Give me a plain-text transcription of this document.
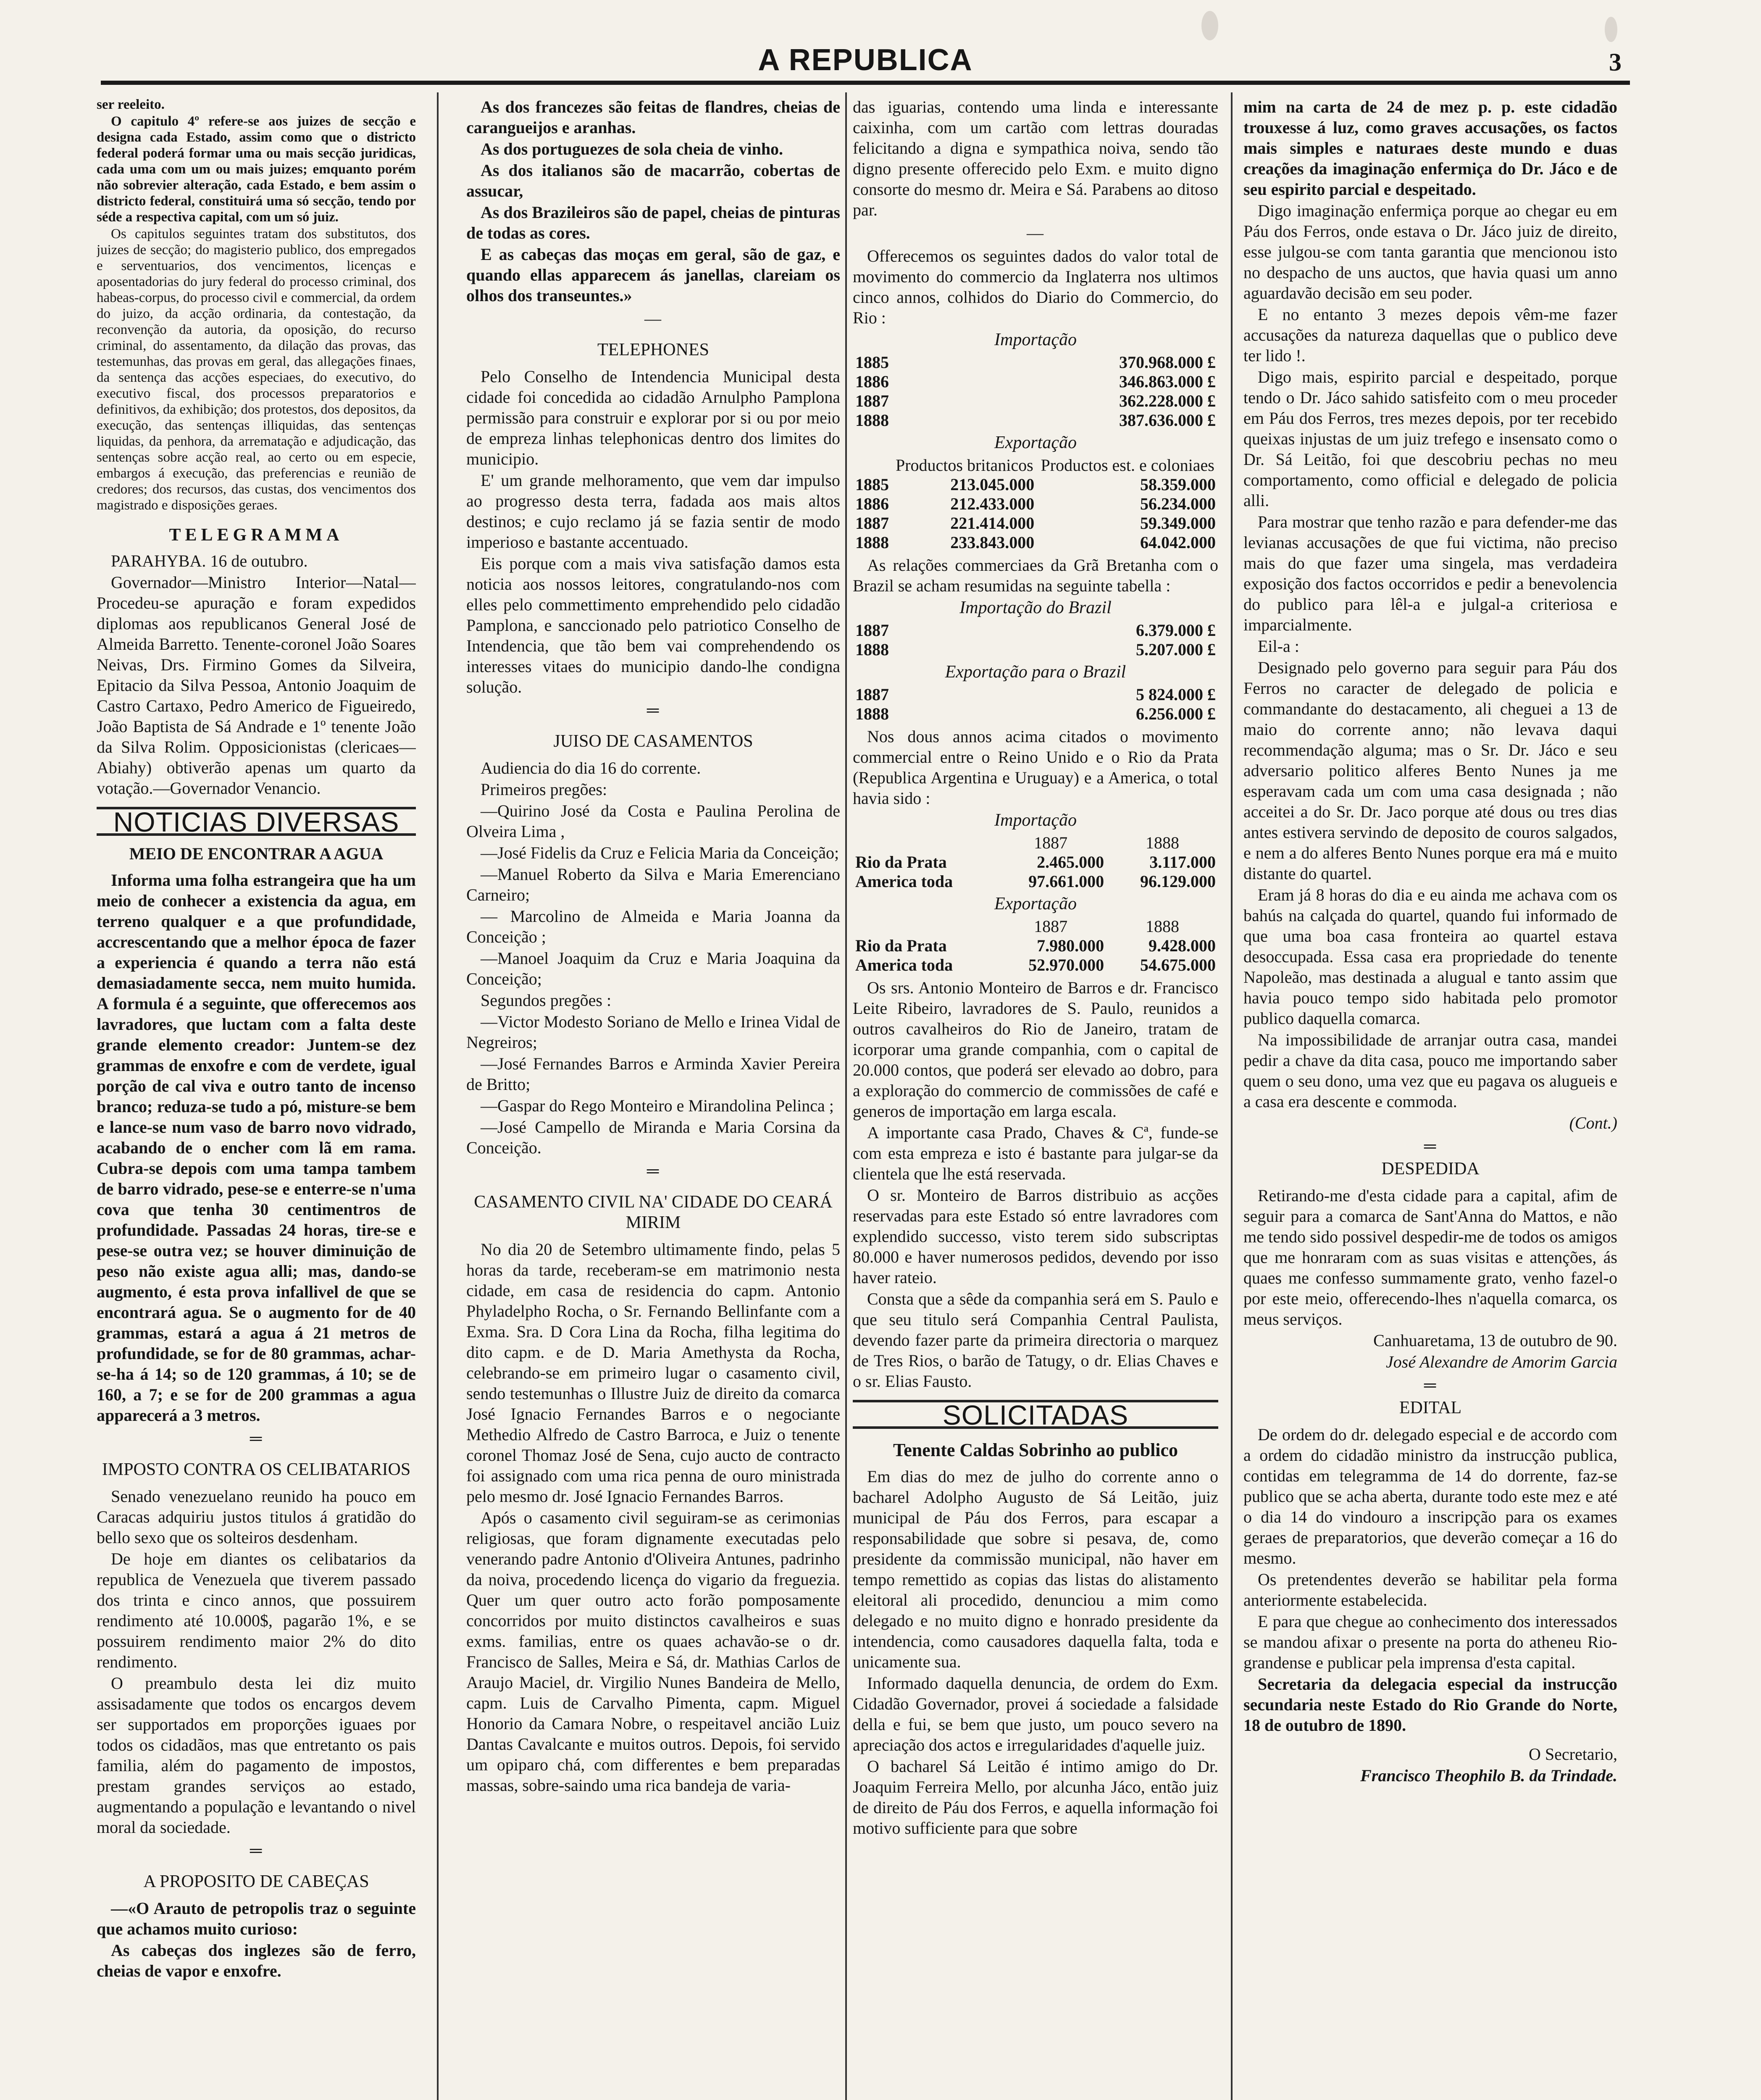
A REPUBLICA	3

ser reeleito.

O capitulo 4º refere-se aos juizes de secção e designa cada Estado, assim como que o districto federal poderá formar uma ou mais secção juridicas, cada uma com um ou mais juizes; emquanto porém não sobrevier alteração, cada Estado, e bem assim o districto federal, constituirá uma só secção, tendo por séde a respectiva capital, com um só juiz.

Os capitulos seguintes tratam dos substitutos, dos juizes de secção; do magisterio publico, dos empregados e serventuarios, dos vencimentos, licenças e aposentadorias do jury federal do processo criminal, dos habeas-corpus, do processo civil e commercial, da ordem do juizo, da acção ordinaria, da contestação, da reconvenção da autoria, da oposição, do recurso criminal, do assentamento, da dilação das provas, das testemunhas, das provas em geral, das allegações finaes, da sentença das acções especiaes, do executivo, do executivo fiscal, dos processos preparatorios e definitivos, da exhibição; dos protestos, dos depositos, da execução, das sentenças illiquidas, das sentenças liquidas, da penhora, da arrematação e adjudicação, das sentenças sobre acção real, ao certo ou em especie, embargos á execução, das preferencias e reunião de credores; dos recursos, das custas, dos vencimentos dos magistrado e disposições geraes.

TELEGRAMMA

PARAHYBA. 16 de outubro.

Governador—Ministro Interior—Natal—Procedeu-se apuração e foram expedidos diplomas aos republicanos General José de Almeida Barretto. Tenente-coronel João Soares Neivas, Drs. Firmino Gomes da Silveira, Epitacio da Silva Pessoa, Antonio Joaquim de Castro Cartaxo, Pedro Americo de Figueiredo, João Baptista de Sá Andrade e 1º tenente João da Silva Rolim. Opposicionistas (clericaes— Abiahy) obtiverão apenas um quarto da votação.—Governador Venancio.

NOTICIAS DIVERSAS
MEIO DE ENCONTRAR A AGUA

Informa uma folha estrangeira que ha um meio de conhecer a existencia da agua, em terreno qualquer e a que profundidade, accrescentando que a melhor época de fazer a experiencia é quando a terra não está demasiadamente secca, nem muito humida. A formula é a seguinte, que offerecemos aos lavradores, que luctam com a falta deste grande elemento creador: Juntem-se dez grammas de enxofre e com de verdete, igual porção de cal viva e outro tanto de incenso branco; reduza-se tudo a pó, misture-se bem e lance-se num vaso de barro novo vidrado, acabando de o encher com lã em rama. Cubra-se depois com uma tampa tambem de barro vidrado, pese-se e enterre-se n'uma cova que tenha 30 centimentros de profundidade. Passadas 24 horas, tire-se e pese-se outra vez; se houver diminuição de peso não existe agua alli; mas, dando-se augmento, é esta prova infallivel de que se encontrará agua. Se o augmento for de 40 grammas, estará a agua á 21 metros de profundidade, se for de 80 grammas, achar-se-ha á 14; so de 120 grammas, á 10; se de 160, a 7; e se for de 200 grammas a agua apparecerá a 3 metros.

═
IMPOSTO CONTRA OS CELIBATARIOS

Senado venezuelano reunido ha pouco em Caracas adquiriu justos titulos á gratidão do bello sexo que os solteiros desdenham.

De hoje em diantes os celibatarios da republica de Venezuela que tiverem passado dos trinta e cinco annos, que possuirem rendimento até 10.000$, pagarão 1%, e se possuirem rendimento maior 2% do dito rendimento.

O preambulo desta lei diz muito assisadamente que todos os encargos devem ser supportados em proporções iguaes por todos os cidadãos, mas que entretanto os pais familia, além do pagamento de impostos, prestam grandes serviços ao estado, augmentando a população e levantando o nivel moral da sociedade.

═
A PROPOSITO DE CABEÇAS

—«O Arauto de petropolis traz o seguinte que achamos muito curioso:

As cabeças dos inglezes são de ferro, cheias de vapor e enxofre.

As dos francezes são feitas de flandres, cheias de carangueijos e aranhas.

As dos portuguezes de sola cheia de vinho.

As dos italianos são de macarrão, cobertas de assucar,

As dos Brazileiros são de papel, cheias de pinturas de todas as cores.

E as cabeças das moças em geral, são de gaz, e quando ellas apparecem ás janellas, clareiam os olhos dos transeuntes.»

—
TELEPHONES

Pelo Conselho de Intendencia Municipal desta cidade foi concedida ao cidadão Arnulpho Pamplona permissão para construir e explorar por si ou por meio de empreza linhas telephonicas dentro dos limites do municipio.

E' um grande melhoramento, que vem dar impulso ao progresso desta terra, fadada aos mais altos destinos; e cujo reclamo já se fazia sentir de modo imperioso e bastante accentuado.

Eis porque com a mais viva satisfação damos esta noticia aos nossos leitores, congratulando-nos com elles pelo commettimento emprehendido pelo cidadão Pamplona, e sanccionado pelo patriotico Conselho de Intendencia, que tão bem vai comprehendendo os interesses vitaes do municipio dando-lhe condigna solução.

═
JUISO DE CASAMENTOS

Audiencia do dia 16 do corrente.

Primeiros pregões:

—Quirino José da Costa e Paulina Perolina de Olveira Lima ,

—José Fidelis da Cruz e Felicia Maria da Conceição;

—Manuel Roberto da Silva e Maria Emerenciano Carneiro;

— Marcolino de Almeida e Maria Joanna da Conceição ;

—Manoel Joaquim da Cruz e Maria Joaquina da Conceição;

Segundos pregões :

—Victor Modesto Soriano de Mello e Irinea Vidal de Negreiros;

—José Fernandes Barros e Arminda Xavier Pereira de Britto;

—Gaspar do Rego Monteiro e Mirandolina Pelinca ;

—José Campello de Miranda e Maria Corsina da Conceição.

═
CASAMENTO CIVIL NA' CIDADE DO CEARÁ MIRIM

No dia 20 de Setembro ultimamente findo, pelas 5 horas da tarde, receberam-se em matrimonio nesta cidade, em casa de residencia do capm. Antonio Phyladelpho Rocha, o Sr. Fernando Bellinfante com a Exma. Sra. D Cora Lina da Rocha, filha legitima do dito capm. e de D. Maria Amethysta da Rocha, celebrando-se em primeiro lugar o casamento civil, sendo testemunhas o Illustre Juiz de direito da comarca José Ignacio Fernandes Barros e o negociante Methedio Alfredo de Castro Barroca, e Juiz o tenente coronel Thomaz José de Sena, cujo aucto de contracto foi assignado com uma rica penna de ouro ministrada pelo mesmo dr. José Ignacio Fernandes Barros.

Após o casamento civil seguiram-se as cerimonias religiosas, que foram dignamente executadas pelo venerando padre Antonio d'Oliveira Antunes, padrinho da noiva, procedendo licença do vigario da freguezia. Quer um quer outro acto forão pomposamente concorridos por muito distinctos cavalheiros e suas exms. familias, entre os quaes achavão-se o dr. Francisco de Salles, Meira e Sá, dr. Mathias Carlos de Araujo Maciel, dr. Virgilio Nunes Bandeira de Mello, capm. Luis de Carvalho Pimenta, capm. Miguel Honorio da Camara Nobre, o respeitavel ancião Luiz Dantas Cavalcante e muitos outros. Depois, foi servido um opiparo chá, com differentes e bem preparadas massas, sobre-saindo uma rica bandeja de varia-

das iguarias, contendo uma linda e interessante caixinha, com um cartão com lettras douradas felicitando a digna e sympathica noiva, sendo tão digno presente offerecido pelo Exm. e muito digno consorte do mesmo dr. Meira e Sá. Parabens ao ditoso par.

—

Offerecemos os seguintes dados do valor total de movimento do commercio da Inglaterra nos ultimos cinco annos, colhidos do Diario do Commercio, do Rio :

Importação
1885	370.968.000 £
1886	346.863.000 £
1887	362.228.000 £
1888	387.636.000 £
Exportação
	Productos britanicos	Productos est. e coloniaes
1885	213.045.000	58.359.000
1886	212.433.000	56.234.000
1887	221.414.000	59.349.000
1888	233.843.000	64.042.000

As relações commerciaes da Grã Bretanha com o Brazil se acham resumidas na seguinte tabella :

Importação do Brazil
1887	6.379.000 £
1888	5.207.000 £
Exportação para o Brazil
1887	5 824.000 £
1888	6.256.000 £

Nos dous annos acima citados o movimento commercial entre o Reino Unido e o Rio da Prata (Republica Argentina e Uruguay) e a America, o total havia sido :

Importação
	1887	1888
Rio da Prata	2.465.000	3.117.000
America toda	97.661.000	96.129.000
Exportação
	1887	1888
Rio da Prata	7.980.000	9.428.000
America toda	52.970.000	54.675.000

Os srs. Antonio Monteiro de Barros e dr. Francisco Leite Ribeiro, lavradores de S. Paulo, reunidos a outros cavalheiros do Rio de Janeiro, tratam de icorporar uma grande companhia, com o capital de 20.000 contos, que poderá ser elevado ao dobro, para a exploração do commercio de commissões de café e generos de importação em larga escala.

A importante casa Prado, Chaves & Cª, funde-se com esta empreza e isto é bastante para julgar-se da clientela que lhe está reservada.

O sr. Monteiro de Barros distribuio as acções reservadas para este Estado só entre lavradores com explendido successo, visto terem sido subscriptas 80.000 e haver numerosos pedidos, devendo por isso haver rateio.

Consta que a sêde da companhia será em S. Paulo e que seu titulo será Companhia Central Paulista, devendo fazer parte da primeira directoria o marquez de Tres Rios, o barão de Tatugy, o dr. Elias Chaves e o sr. Elias Fausto.

SOLICITADAS
Tenente Caldas Sobrinho ao publico

Em dias do mez de julho do corrente anno o bacharel Adolpho Augusto de Sá Leitão, juiz municipal de Páu dos Ferros, para escapar a responsabilidade que sobre si pesava, de, como presidente da commissão municipal, não haver em tempo remettido as copias das listas do alistamento eleitoral ali procedido, denunciou a mim como delegado e no muito digno e honrado presidente da intendencia, como causadores daquella falta, toda e unicamente sua.

Informado daquella denuncia, de ordem do Exm. Cidadão Governador, provei á sociedade a falsidade della e fui, se bem que justo, um pouco severo na apreciação dos actos e irregularidades d'aquelle juiz.

O bacharel Sá Leitão é intimo amigo do Dr. Joaquim Ferreira Mello, por alcunha Jáco, então juiz de direito de Páu dos Ferros, e aquella informação foi motivo sufficiente para que sobre

mim na carta de 24 de mez p. p. este cidadão trouxesse á luz, como graves accusações, os factos mais simples e naturaes deste mundo e duas creações da imaginação enfermiça do Dr. Jáco e de seu espirito parcial e despeitado.

Digo imaginação enfermiça porque ao chegar eu em Páu dos Ferros, onde estava o Dr. Jáco juiz de direito, esse julgou-se com tanta garantia que mencionou isto no despacho de uns auctos, que havia quasi um anno aguardavão decisão em seu poder.

E no entanto 3 mezes depois vêm-me fazer accusações da natureza daquellas que o publico deve ter lido !.

Digo mais, espirito parcial e despeitado, porque tendo o Dr. Jáco sahido satisfeito com o meu proceder em Páu dos Ferros, tres mezes depois, por ter recebido queixas injustas de um juiz trefego e insensato como o Dr. Sá Leitão, foi que descobriu pechas no meu comportamento, como official e delegado de policia alli.

Para mostrar que tenho razão e para defender-me das levianas accusações de que fui victima, não preciso mais do que fazer uma singela, mas verdadeira exposição dos factos occorridos e pedir a benevolencia do publico para lêl-a e julgal-a criteriosa e imparcialmente.

Eil-a :

Designado pelo governo para seguir para Páu dos Ferros no caracter de delegado de policia e commandante do destacamento, ali cheguei a 13 de maio do corrente anno; não levava daqui recommendação alguma; mas o Sr. Dr. Jáco e seu adversario politico alferes Bento Nunes ja me esperavam cada um com uma casa designada ; não acceitei a do Sr. Dr. Jaco porque até dous ou tres dias antes estivera servindo de deposito de couros salgados, e nem a do alferes Bento Nunes porque era má e muito distante do quartel.

Eram já 8 horas do dia e eu ainda me achava com os bahús na calçada do quartel, quando fui informado de que uma boa casa fronteira ao quartel estava desoccupada. Essa casa era propriedade do tenente Napoleão, mas destinada a alugual e tanto assim que havia pouco tempo sido habitada pelo promotor publico daquella comarca.

Na impossibilidade de arranjar outra casa, mandei pedir a chave da dita casa, pouco me importando saber quem o seu dono, uma vez que eu pagava os alugueis e a casa era descente e commoda.

(Cont.)

═
DESPEDIDA

Retirando-me d'esta cidade para a capital, afim de seguir para a comarca de Sant'Anna do Mattos, e não me tendo sido possivel despedir-me de todos os amigos que me honraram com as suas visitas e attenções, ás quaes me confesso summamente grato, venho fazel-o por este meio, offerecendo-lhes n'aquella comarca, os meus serviços.

Canhuaretama, 13 de outubro de 90.

José Alexandre de Amorim Garcia

═
EDITAL

De ordem do dr. delegado especial e de accordo com a ordem do cidadão ministro da instrucção publica, contidas em telegramma de 14 do dorrente, faz-se publico que se acha aberta, durante todo este mez e até o dia 14 do vindouro a inscripção para os exames geraes de preparatorios, que deverão começar a 16 do mesmo.

Os pretendentes deverão se habilitar pela forma anteriormente estabelecida.

E para que chegue ao conhecimento dos interessados se mandou afixar o presente na porta do atheneu Rio-grandense e publicar pela imprensa d'esta capital.

Secretaria da delegacia especial da instrucção secundaria neste Estado do Rio Grande do Norte, 18 de outubro de 1890.

O Secretario,

Francisco Theophilo B. da Trindade.
